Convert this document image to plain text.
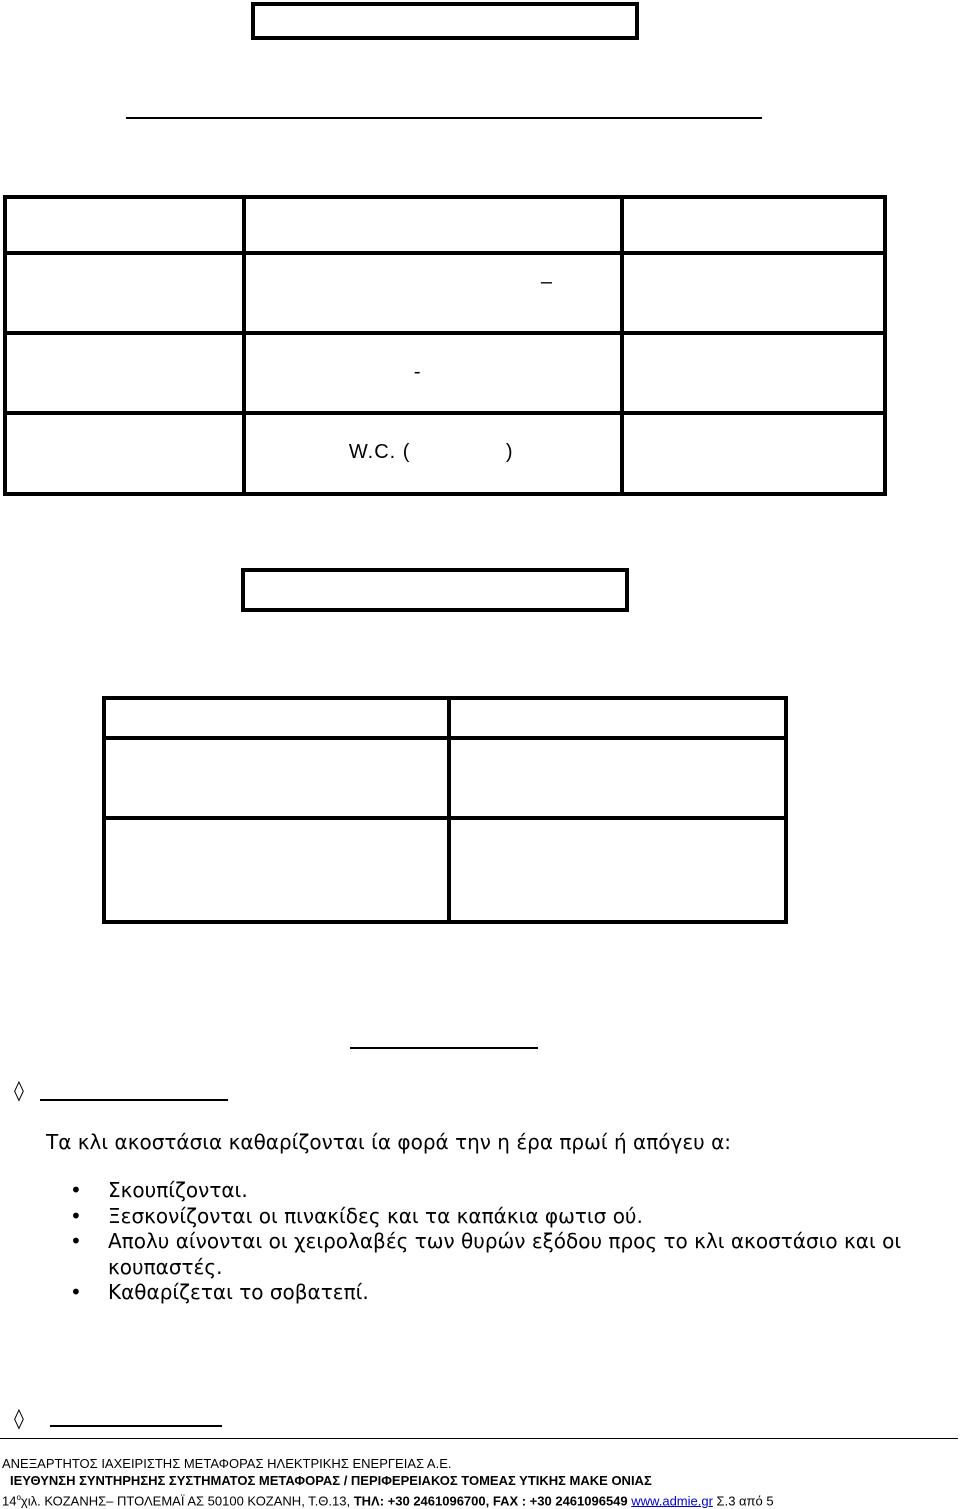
	–	

	-	

	W.C. ( )	

◊
Τα κλι ακοστάσια καθαρίζονται ία φορά την η έρα πρωί ή απόγευ α:
• Σκουπίζονται.
• Ξεσκονίζονται οι πινακίδες και τα καπάκια φωτισ ού.
• Απολυ αίνονται οι χειρολαβές των θυρών εξόδου προς το κλι ακοστάσιο και οι κουπαστές.
• Καθαρίζεται το σοβατεπί.
◊
ΑΝΕΞΑΡΤΗΤΟΣ ΙΑΧΕΙΡΙΣΤΗΣ ΜΕΤΑΦΟΡΑΣ ΗΛΕΚΤΡΙΚΗΣ ΕΝΕΡΓΕΙΑΣ Α.Ε.
ΙΕΥΘΥΝΣΗ ΣΥΝΤΗΡΗΣΗΣ ΣΥΣΤΗΜΑΤΟΣ ΜΕΤΑΦΟΡΑΣ / ΠΕΡΙΦΕΡΕΙΑΚΟΣ ΤΟΜΕΑΣ ΥΤΙΚΗΣ ΜΑΚΕ ΟΝΙΑΣ
$14^o\chi\iota\lambda$. ΚΟΖΑΝΗΣ– ΠΤΟΛΕΜΑΪ ΑΣ 50100 ΚΟΖΑΝΗ, Τ.Θ.13, ΤΗΛ: +30 2461096700, FAX : +30 2461096549 www.admie.gr Σ.3 από 5
